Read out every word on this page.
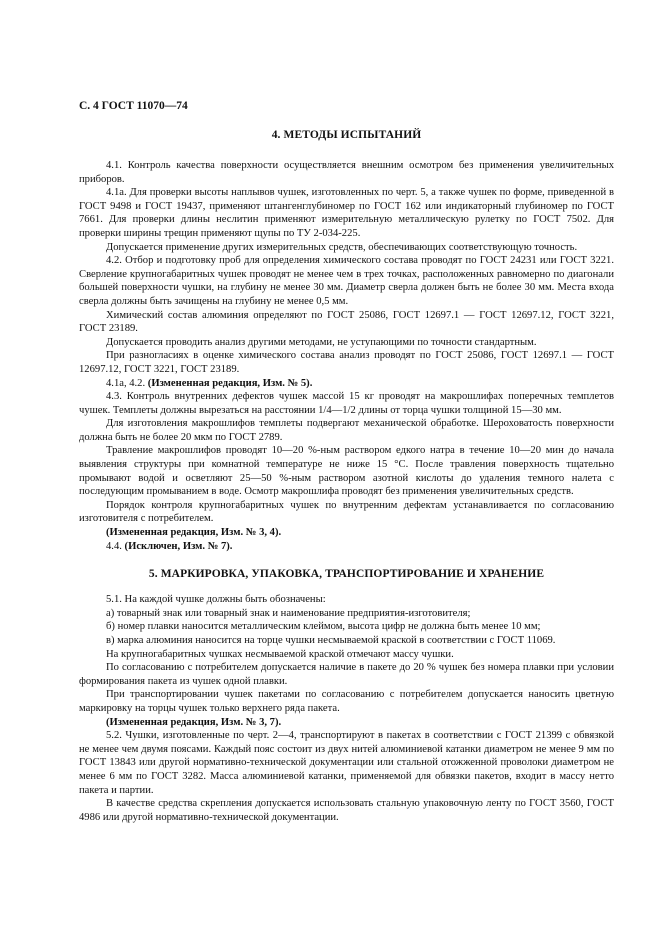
С. 4 ГОСТ 11070—74
4. МЕТОДЫ ИСПЫТАНИЙ

4.1. Контроль качества поверхности осуществляется внешним осмотром без применения увеличительных приборов.

4.1а. Для проверки высоты наплывов чушек, изготовленных по черт. 5, а также чушек по форме, приведенной в ГОСТ 9498 и ГОСТ 19437, применяют штангенглубиномер по ГОСТ 162 или индикаторный глубиномер по ГОСТ 7661. Для проверки длины неслитин применяют измерительную металлическую рулетку по ГОСТ 7502. Для проверки ширины трещин применяют щупы по ТУ 2-034-225.

Допускается применение других измерительных средств, обеспечивающих соответствующую точность.

4.2. Отбор и подготовку проб для определения химического состава проводят по ГОСТ 24231 или ГОСТ 3221. Сверление крупногабаритных чушек проводят не менее чем в трех точках, расположенных равномерно по диагонали большей поверхности чушки, на глубину не менее 30 мм. Диаметр сверла должен быть не более 30 мм. Места входа сверла должны быть зачищены на глубину не менее 0,5 мм.

Химический состав алюминия определяют по ГОСТ 25086, ГОСТ 12697.1 — ГОСТ 12697.12, ГОСТ 3221, ГОСТ 23189.

Допускается проводить анализ другими методами, не уступающими по точности стандартным.

При разногласиях в оценке химического состава анализ проводят по ГОСТ 25086, ГОСТ 12697.1 — ГОСТ 12697.12, ГОСТ 3221, ГОСТ 23189.

4.1а, 4.2. (Измененная редакция, Изм. № 5).

4.3. Контроль внутренних дефектов чушек массой 15 кг проводят на макрошлифах поперечных темплетов чушек. Темплеты должны вырезаться на расстоянии 1/4—1/2 длины от торца чушки толщиной 15—30 мм.

Для изготовления макрошлифов темплеты подвергают механической обработке. Шероховатость поверхности должна быть не более 20 мкм по ГОСТ 2789.

Травление макрошлифов проводят 10—20 %-ным раствором едкого натра в течение 10—20 мин до начала выявления структуры при комнатной температуре не ниже 15 °С. После травления поверхность тщательно промывают водой и осветляют 25—50 %-ным раствором азотной кислоты до удаления темного налета с последующим промыванием в воде. Осмотр макрошлифа проводят без применения увеличительных средств.

Порядок контроля крупногабаритных чушек по внутренним дефектам устанавливается по согласованию изготовителя с потребителем.

(Измененная редакция, Изм. № 3, 4).

4.4. (Исключен, Изм. № 7).

5. МАРКИРОВКА, УПАКОВКА, ТРАНСПОРТИРОВАНИЕ И ХРАНЕНИЕ

5.1. На каждой чушке должны быть обозначены:

а) товарный знак или товарный знак и наименование предприятия-изготовителя;

б) номер плавки наносится металлическим клеймом, высота цифр не должна быть менее 10 мм;

в) марка алюминия наносится на торце чушки несмываемой краской в соответствии с ГОСТ 11069.

На крупногабаритных чушках несмываемой краской отмечают массу чушки.

По согласованию с потребителем допускается наличие в пакете до 20 % чушек без номера плавки при условии формирования пакета из чушек одной плавки.

При транспортировании чушек пакетами по согласованию с потребителем допускается наносить цветную маркировку на торцы чушек только верхнего ряда пакета.

(Измененная редакция, Изм. № 3, 7).

5.2. Чушки, изготовленные по черт. 2—4, транспортируют в пакетах в соответствии с ГОСТ 21399 с обвязкой не менее чем двумя поясами. Каждый пояс состоит из двух нитей алюминиевой катанки диаметром не менее 9 мм по ГОСТ 13843 или другой нормативно-технической документации или стальной отожженной проволоки диаметром не менее 6 мм по ГОСТ 3282. Масса алюминиевой катанки, применяемой для обвязки пакетов, входит в массу нетто пакета и партии.

В качестве средства скрепления допускается использовать стальную упаковочную ленту по ГОСТ 3560, ГОСТ 4986 или другой нормативно-технической документации.
